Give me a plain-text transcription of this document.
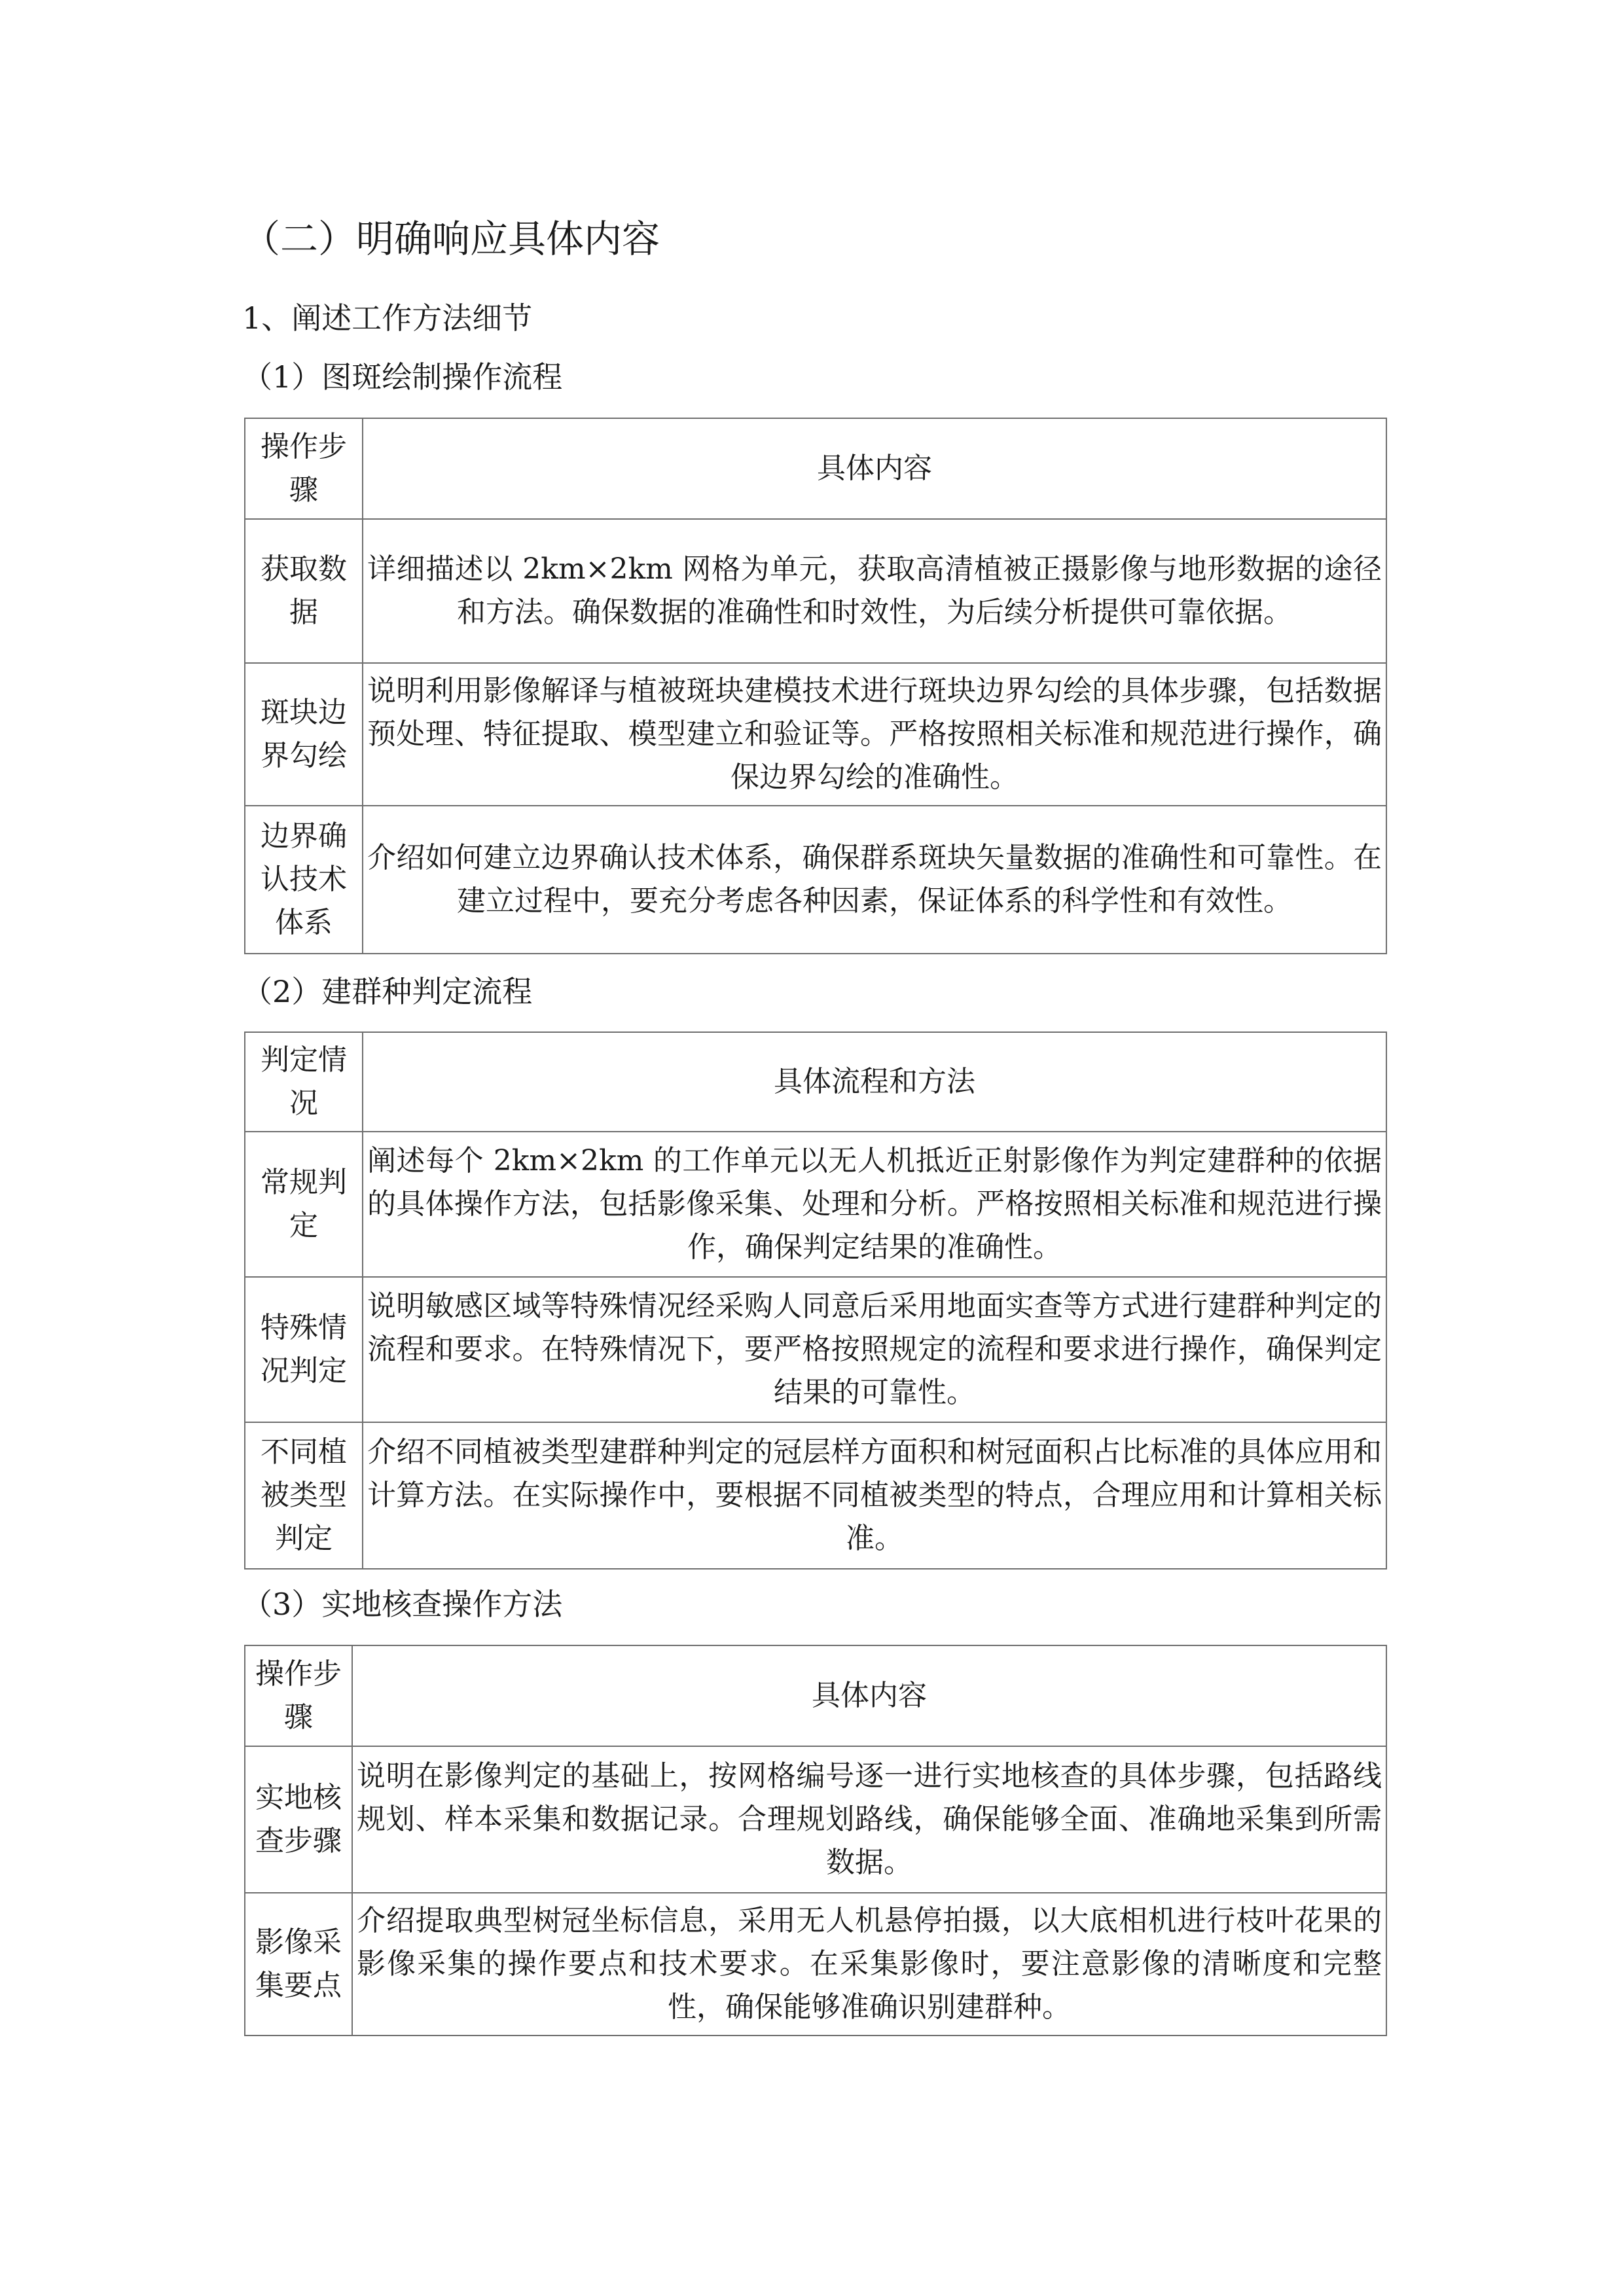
（二）明确响应具体内容
1、阐述工作方法细节
（1）图斑绘制操作流程
操作步骤	具体内容
获取数据	详细描述以 2km×2km 网格为单元，获取高清植被正摄影像与地形数据的途径和方法。确保数据的准确性和时效性，为后续分析提供可靠依据。
斑块边界勾绘	说明利用影像解译与植被斑块建模技术进行斑块边界勾绘的具体步骤，包括数据预处理、特征提取、模型建立和验证等。严格按照相关标准和规范进行操作，确保边界勾绘的准确性。
边界确认技术体系	介绍如何建立边界确认技术体系，确保群系斑块矢量数据的准确性和可靠性。在建立过程中，要充分考虑各种因素，保证体系的科学性和有效性。
（2）建群种判定流程
判定情况	具体流程和方法
常规判定	阐述每个 2km×2km 的工作单元以无人机抵近正射影像作为判定建群种的依据的具体操作方法，包括影像采集、处理和分析。严格按照相关标准和规范进行操作，确保判定结果的准确性。
特殊情况判定	说明敏感区域等特殊情况经采购人同意后采用地面实查等方式进行建群种判定的流程和要求。在特殊情况下，要严格按照规定的流程和要求进行操作，确保判定结果的可靠性。
不同植被类型判定	介绍不同植被类型建群种判定的冠层样方面积和树冠面积占比标准的具体应用和计算方法。在实际操作中，要根据不同植被类型的特点，合理应用和计算相关标准。
（3）实地核查操作方法
操作步骤	具体内容
实地核查步骤	说明在影像判定的基础上，按网格编号逐一进行实地核查的具体步骤，包括路线规划、样本采集和数据记录。合理规划路线，确保能够全面、准确地采集到所需数据。
影像采集要点	介绍提取典型树冠坐标信息，采用无人机悬停拍摄，以大底相机进行枝叶花果的影像采集的操作要点和技术要求。在采集影像时，要注意影像的清晰度和完整性，确保能够准确识别建群种。
